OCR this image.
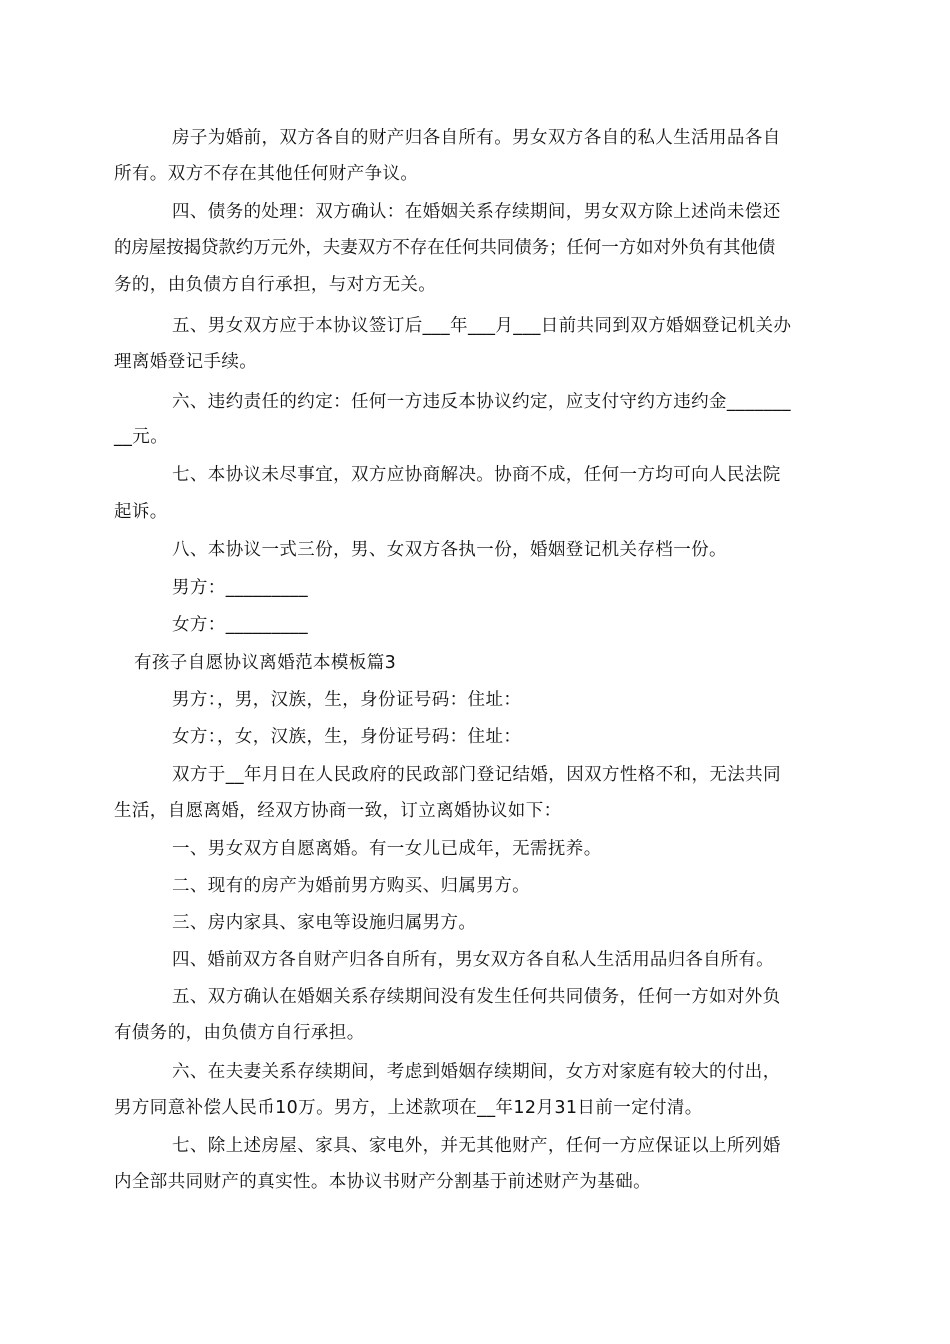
房子为婚前，双方各自的财产归各自所有。男女双方各自的私人生活用品各自
所有。双方不存在其他任何财产争议。
四、债务的处理：双方确认：在婚姻关系存续期间，男女双方除上述尚未偿还
的房屋按揭贷款约万元外，夫妻双方不存在任何共同债务；任何一方如对外负有其他债
务的，由负债方自行承担，与对方无关。
五、男女双方应于本协议签订后___年___月___日前共同到双方婚姻登记机关办
理离婚登记手续。
六、违约责任的约定：任何一方违反本协议约定，应支付守约方违约金_______
__元。
七、本协议未尽事宜，双方应协商解决。协商不成，任何一方均可向人民法院
起诉。
八、本协议一式三份，男、女双方各执一份，婚姻登记机关存档一份。
男方：_________
女方：_________
有孩子自愿协议离婚范本模板篇3
男方：，男，汉族，生，身份证号码：住址：
女方：，女，汉族，生，身份证号码：住址：
双方于__年月日在人民政府的民政部门登记结婚，因双方性格不和，无法共同
生活，自愿离婚，经双方协商一致，订立离婚协议如下：
一、男女双方自愿离婚。有一女儿已成年，无需抚养。
二、现有的房产为婚前男方购买、归属男方。
三、房内家具、家电等设施归属男方。
四、婚前双方各自财产归各自所有，男女双方各自私人生活用品归各自所有。
五、双方确认在婚姻关系存续期间没有发生任何共同债务，任何一方如对外负
有债务的，由负债方自行承担。
六、在夫妻关系存续期间，考虑到婚姻存续期间，女方对家庭有较大的付出，
男方同意补偿人民币10万。男方，上述款项在__年12月31日前一定付清。
七、除上述房屋、家具、家电外，并无其他财产，任何一方应保证以上所列婚
内全部共同财产的真实性。本协议书财产分割基于前述财产为基础。
